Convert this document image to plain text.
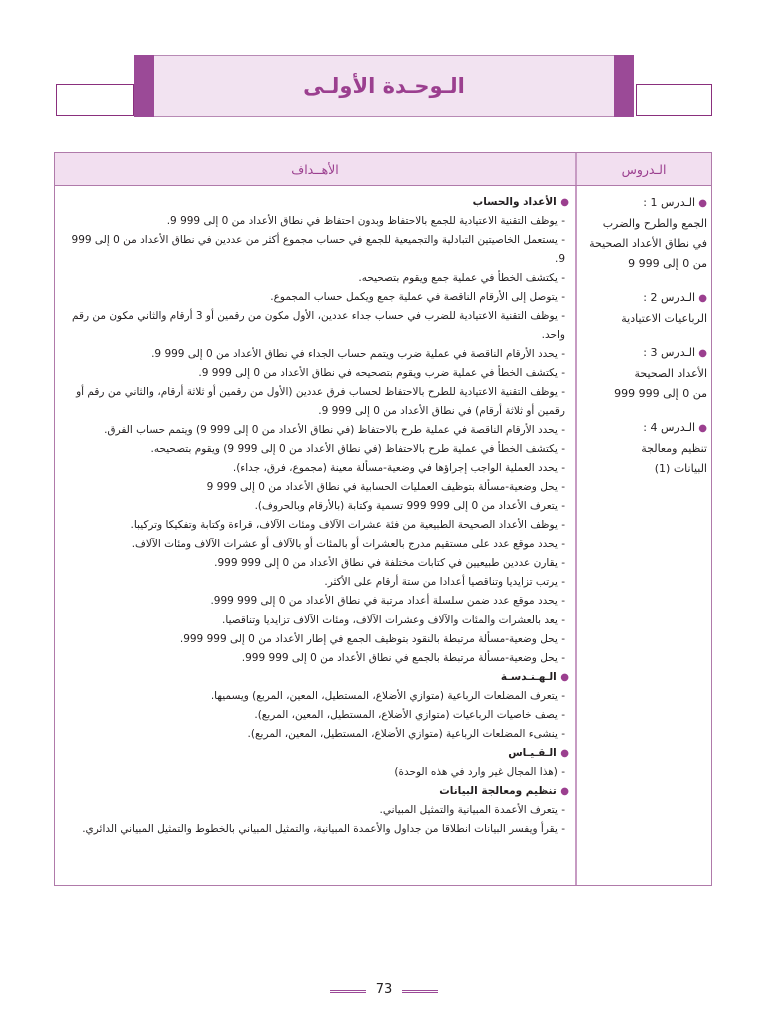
الـوحـدة الأولـى
الأهــداف	الـدروس
● الـدرس 1 :
الجمع والطرح والضرب
في نطاق الأعداد الصحيحة
من 0 إلى 999 9
● الـدرس 2 :
الرباعيات الاعتيادية
● الـدرس 3 :
الأعداد الصحيحة
من 0 إلى 999 999
● الـدرس 4 :
تنظيم ومعالجة
البيانات (1)
● الأعداد والحساب
- يوظف التقنية الاعتيادية للجمع بالاحتفاظ وبدون احتفاظ في نطاق الأعداد من 0 إلى 999 9.
- يستعمل الخاصيتين التبادلية والتجميعية للجمع في حساب مجموع أكثر من عددين في نطاق الأعداد من 0 إلى 999 9.
- يكتشف الخطأ في عملية جمع ويقوم بتصحيحه.
- يتوصل إلى الأرقام الناقصة في عملية جمع ويكمل حساب المجموع.
- يوظف التقنية الاعتيادية للضرب في حساب جداء عددين، الأول مكون من رقمين أو 3 أرقام والثاني مكون من رقم واحد.
- يحدد الأرقام الناقصة في عملية ضرب ويتمم حساب الجداء في نطاق الأعداد من 0 إلى 999 9.
- يكتشف الخطأ في عملية ضرب ويقوم بتصحيحه في نطاق الأعداد من 0 إلى 999 9.
- يوظف التقنية الاعتيادية للطرح بالاحتفاظ لحساب فرق عددين (الأول من رقمين أو ثلاثة أرقام، والثاني من رقم أو رقمين أو ثلاثة أرقام) في نطاق الأعداد من 0 إلى 999 9.
- يحدد الأرقام الناقصة في عملية طرح بالاحتفاظ (في نطاق الأعداد من 0 إلى 999 9) ويتمم حساب الفرق.
- يكتشف الخطأ في عملية طرح بالاحتفاظ (في نطاق الأعداد من 0 إلى 999 9) ويقوم بتصحيحه.
- يحدد العملية الواجب إجراؤها في وضعية-مسألة معينة (مجموع، فرق، جداء).
- يحل وضعية-مسألة بتوظيف العمليات الحسابية في نطاق الأعداد من 0 إلى 999 9
- يتعرف الأعداد من 0 إلى 999 999 تسمية وكتابة (بالأرقام وبالحروف).
- يوظف الأعداد الصحيحة الطبيعية من فئة عشرات الآلاف ومئات الآلاف، قراءة وكتابة وتفكيكا وتركيبا.
- يحدد موقع عدد على مستقيم مدرج بالعشرات أو بالمئات أو بالآلاف أو عشرات الآلاف ومئات الآلاف.
- يقارن عددين طبيعيين في كتابات مختلفة في نطاق الأعداد من 0 إلى 999 999.
- يرتب تزايديا وتناقصيا أعدادا من ستة أرقام على الأكثر.
- يحدد موقع عدد ضمن سلسلة أعداد مرتبة في نطاق الأعداد من 0 إلى 999 999.
- يعد بالعشرات والمئات والآلاف وعشرات الآلاف، ومئات الآلاف تزايديا وتناقصيا.
- يحل وضعية-مسألة مرتبطة بالنقود بتوظيف الجمع في إطار الأعداد من 0 إلى 999 999.
- يحل وضعية-مسألة مرتبطة بالجمع في نطاق الأعداد من 0 إلى 999 999.
● الـهـنـدسـة
- يتعرف المضلعات الرباعية (متوازي الأضلاع، المستطيل، المعين، المربع) ويسميها.
- يصف خاصيات الرباعيات (متوازي الأضلاع، المستطيل، المعين، المربع).
- ينشىء المضلعات الرباعية (متوازي الأضلاع، المستطيل، المعين، المربع).
● الـقـيـاس
- (هذا المجال غير وارد في هذه الوحدة)
● تنظيم ومعالجة البيانات
- يتعرف الأعمدة المبيانية والتمثيل المبياني.
- يقرأ ويفسر البيانات انطلاقا من جداول والأعمدة المبيانية، والتمثيل المبياني بالخطوط والتمثيل المبياني الدائري.
73
